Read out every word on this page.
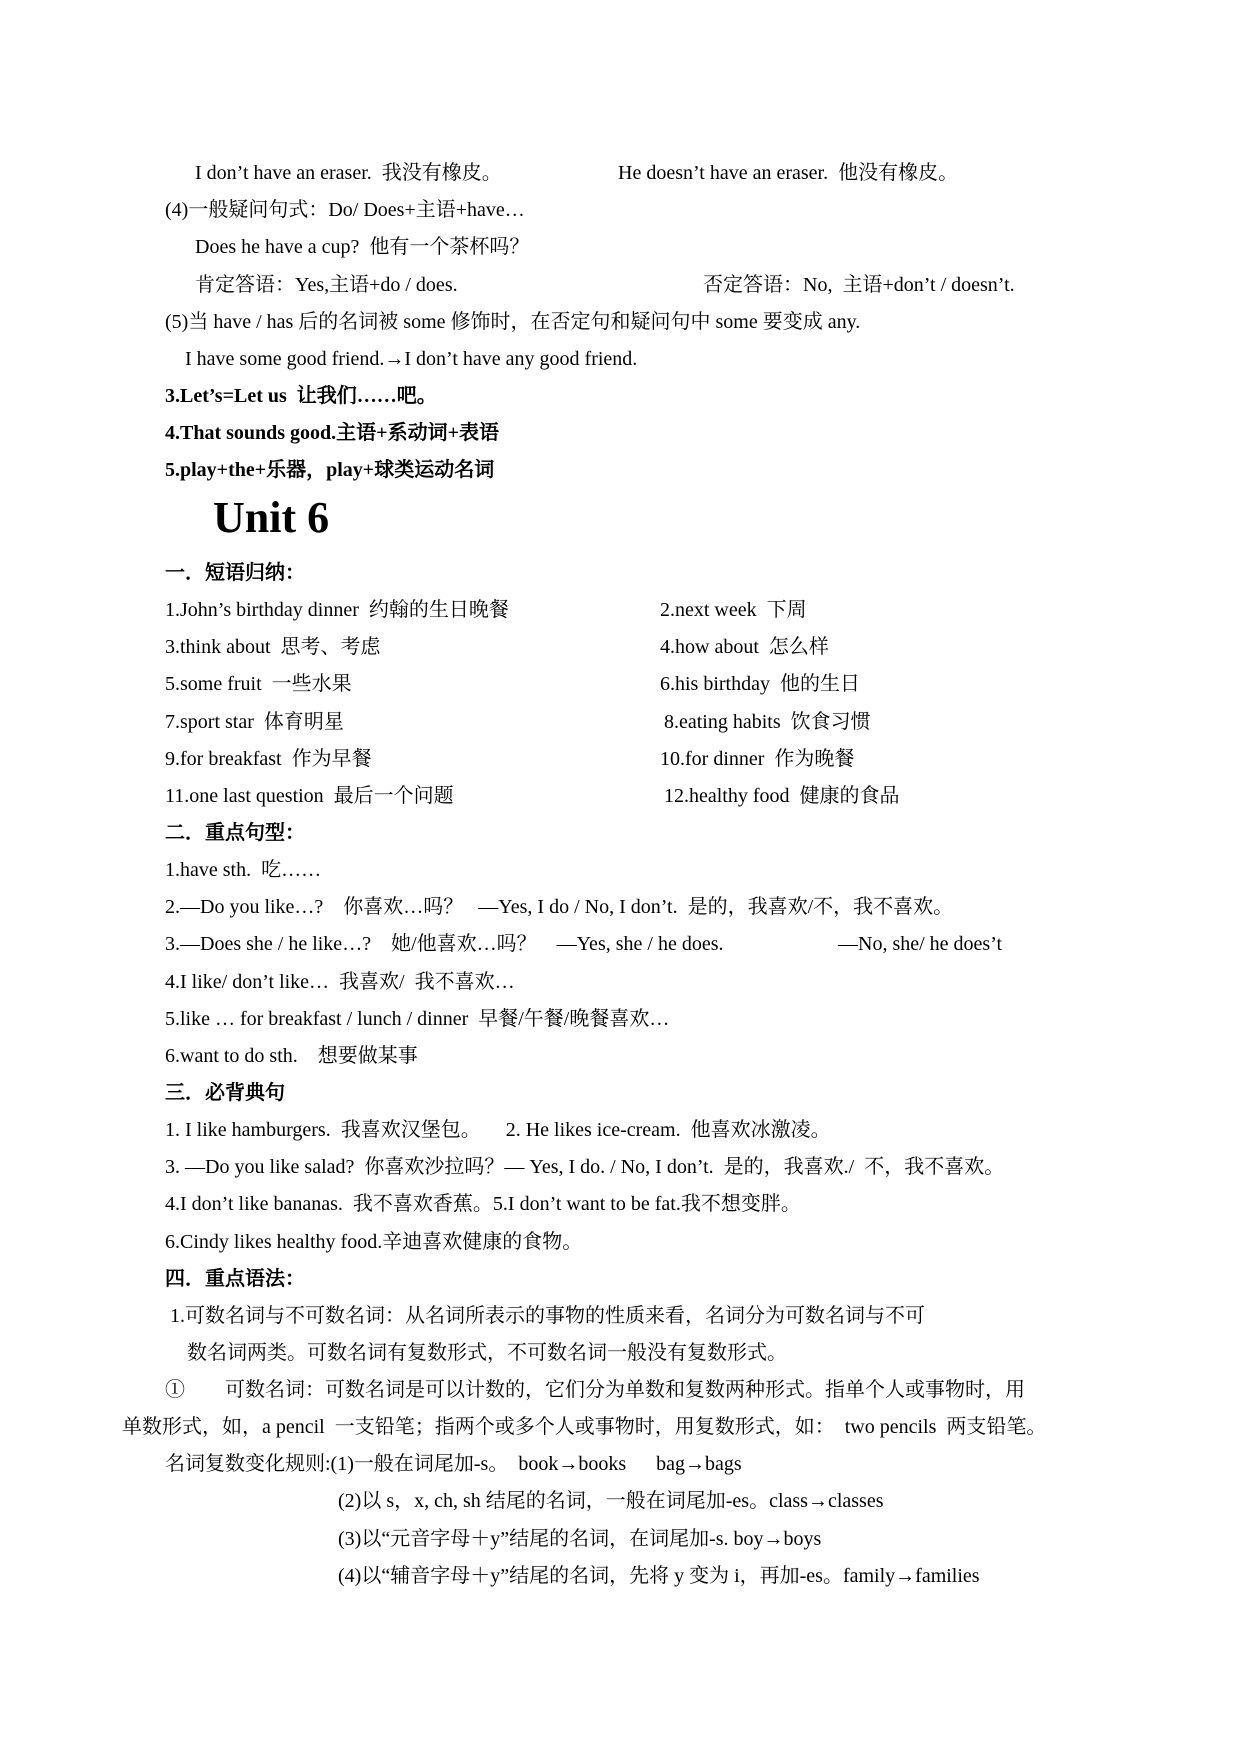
I don’t have an eraser.  我没有橡皮。	He doesn’t have an eraser.  他没有橡皮。
(4)一般疑问句式：Do/ Does+主语+have…
Does he have a cup?  他有一个茶杯吗？
肯定答语：Yes,主语+do / does.	否定答语：No,  主语+don’t / doesn’t.
(5)当 have / has 后的名词被 some 修饰时，在否定句和疑问句中 some 要变成 any.
I have some good friend.→I don’t have any good friend.
3.Let’s=Let us  让我们……吧。
4.That sounds good.主语+系动词+表语
5.play+the+乐器，play+球类运动名词
Unit 6
一．短语归纳：
1.John’s birthday dinner  约翰的生日晚餐	2.next week  下周
3.think about  思考、考虑	4.how about  怎么样
5.some fruit  一些水果	6.his birthday  他的生日
7.sport star  体育明星	8.eating habits  饮食习惯
9.for breakfast  作为早餐	10.for dinner  作为晚餐
11.one last question  最后一个问题	12.healthy food  健康的食品
二．重点句型：
1.have sth.  吃……
2.—Do you like…?    你喜欢…吗？   —Yes, I do / No, I don’t.  是的，我喜欢/不，我不喜欢。
3.—Does she / he like…?    她/他喜欢…吗？    —Yes, she / he does.	—No, she/ he does’t
4.I like/ don’t like…  我喜欢/  我不喜欢…
5.like … for breakfast / lunch / dinner  早餐/午餐/晚餐喜欢…
6.want to do sth.    想要做某事
三．必背典句
1. I like hamburgers.  我喜欢汉堡包。     2. He likes ice-cream.  他喜欢冰激凌。
3. —Do you like salad?  你喜欢沙拉吗？— Yes, I do. / No, I don’t.  是的，我喜欢./  不，我不喜欢。
4.I don’t like bananas.  我不喜欢香蕉。5.I don’t want to be fat.我不想变胖。
6.Cindy likes healthy food.辛迪喜欢健康的食物。
四．重点语法：
1.可数名词与不可数名词：从名词所表示的事物的性质来看，名词分为可数名词与不可
数名词两类。可数名词有复数形式，不可数名词一般没有复数形式。
①        可数名词：可数名词是可以计数的，它们分为单数和复数两种形式。指单个人或事物时，用
单数形式，如，a pencil  一支铅笔；指两个或多个人或事物时，用复数形式，如：  two pencils  两支铅笔。
名词复数变化规则:(1)一般在词尾加-s。  book→books      bag→bags
(2)以 s，x, ch, sh 结尾的名词，一般在词尾加-es。class→classes
(3)以“元音字母＋y”结尾的名词，在词尾加-s. boy→boys
(4)以“辅音字母＋y”结尾的名词，先将 y 变为 i，再加-es。family→families
